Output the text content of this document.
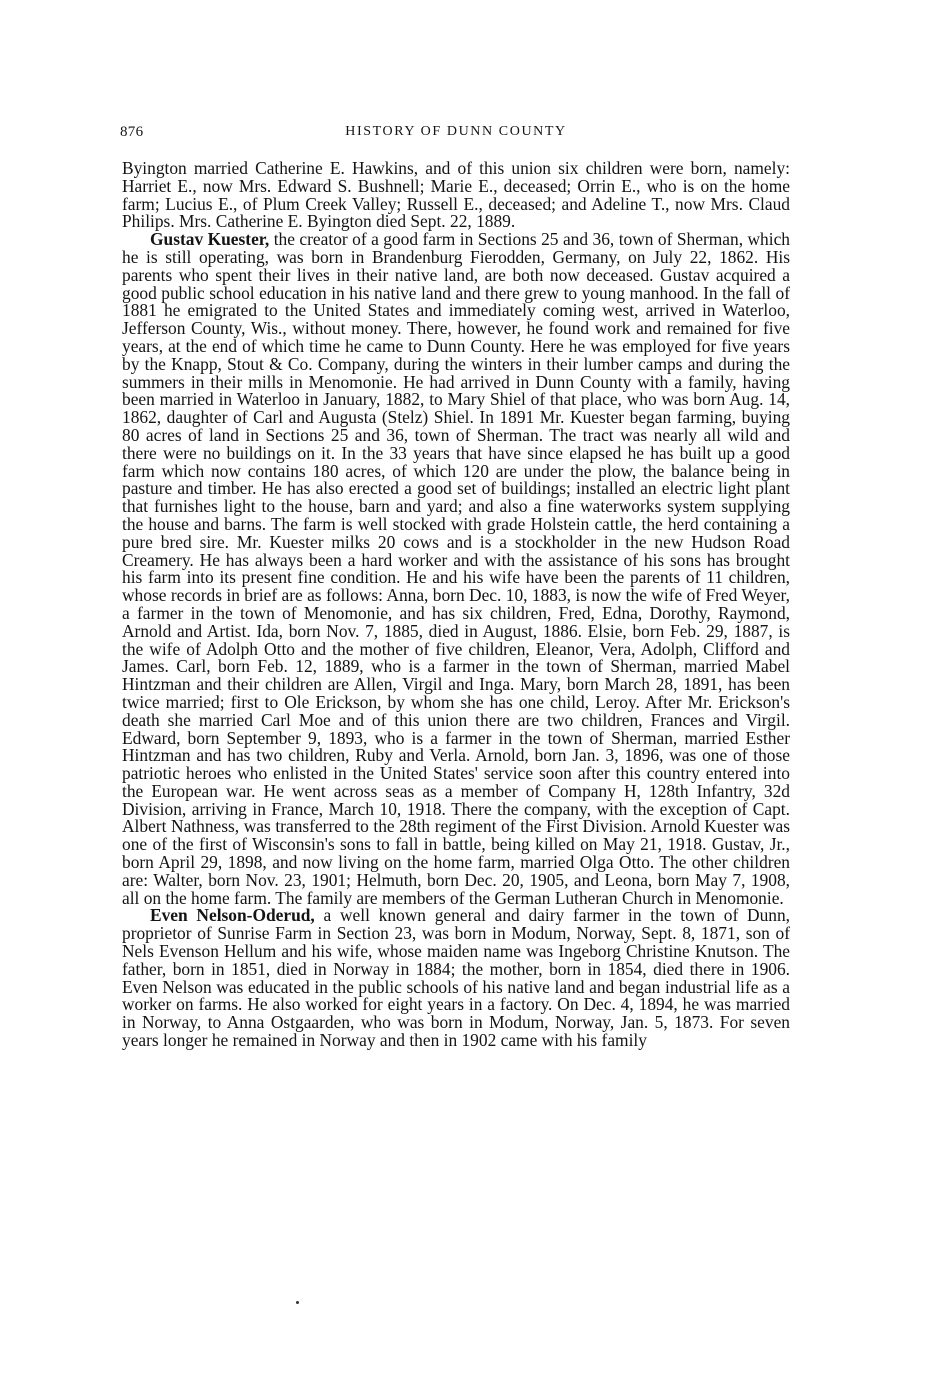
876	HISTORY OF DUNN COUNTY

Byington married Catherine E. Hawkins, and of this union six children were born, namely: Harriet E., now Mrs. Edward S. Bushnell; Marie E., deceased; Orrin E., who is on the home farm; Lucius E., of Plum Creek Valley; Russell E., deceased; and Adeline T., now Mrs. Claud Philips. Mrs. Catherine E. Byington died Sept. 22, 1889.

Gustav Kuester, the creator of a good farm in Sections 25 and 36, town of Sherman, which he is still operating, was born in Brandenburg Fierodden, Germany, on July 22, 1862. His parents who spent their lives in their native land, are both now deceased. Gustav acquired a good public school education in his native land and there grew to young manhood. In the fall of 1881 he emigrated to the United States and immediately coming west, arrived in Waterloo, Jefferson County, Wis., without money. There, however, he found work and remained for five years, at the end of which time he came to Dunn County. Here he was employed for five years by the Knapp, Stout & Co. Company, during the winters in their lumber camps and during the summers in their mills in Menomonie. He had arrived in Dunn County with a family, having been married in Waterloo in January, 1882, to Mary Shiel of that place, who was born Aug. 14, 1862, daughter of Carl and Augusta (Stelz) Shiel. In 1891 Mr. Kuester began farming, buying 80 acres of land in Sections 25 and 36, town of Sherman. The tract was nearly all wild and there were no buildings on it. In the 33 years that have since elapsed he has built up a good farm which now contains 180 acres, of which 120 are under the plow, the balance being in pasture and timber. He has also erected a good set of buildings; installed an electric light plant that furnishes light to the house, barn and yard; and also a fine waterworks system supplying the house and barns. The farm is well stocked with grade Holstein cattle, the herd containing a pure bred sire. Mr. Kuester milks 20 cows and is a stockholder in the new Hudson Road Creamery. He has always been a hard worker and with the assistance of his sons has brought his farm into its present fine condition. He and his wife have been the parents of 11 children, whose records in brief are as follows: Anna, born Dec. 10, 1883, is now the wife of Fred Weyer, a farmer in the town of Menomonie, and has six children, Fred, Edna, Dorothy, Raymond, Arnold and Artist. Ida, born Nov. 7, 1885, died in August, 1886. Elsie, born Feb. 29, 1887, is the wife of Adolph Otto and the mother of five children, Eleanor, Vera, Adolph, Clifford and James. Carl, born Feb. 12, 1889, who is a farmer in the town of Sherman, married Mabel Hintzman and their children are Allen, Virgil and Inga. Mary, born March 28, 1891, has been twice married; first to Ole Erickson, by whom she has one child, Leroy. After Mr. Erickson's death she married Carl Moe and of this union there are two children, Frances and Virgil. Edward, born September 9, 1893, who is a farmer in the town of Sherman, married Esther Hintzman and has two children, Ruby and Verla. Arnold, born Jan. 3, 1896, was one of those patriotic heroes who enlisted in the United States' service soon after this country entered into the European war. He went across seas as a member of Company H, 128th Infantry, 32d Division, arriving in France, March 10, 1918. There the company, with the exception of Capt. Albert Nathness, was transferred to the 28th regiment of the First Division. Arnold Kuester was one of the first of Wisconsin's sons to fall in battle, being killed on May 21, 1918. Gustav, Jr., born April 29, 1898, and now living on the home farm, married Olga Otto. The other children are: Walter, born Nov. 23, 1901; Helmuth, born Dec. 20, 1905, and Leona, born May 7, 1908, all on the home farm. The family are members of the German Lutheran Church in Menomonie.

Even Nelson-Oderud, a well known general and dairy farmer in the town of Dunn, proprietor of Sunrise Farm in Section 23, was born in Modum, Norway, Sept. 8, 1871, son of Nels Evenson Hellum and his wife, whose maiden name was Ingeborg Christine Knutson. The father, born in 1851, died in Norway in 1884; the mother, born in 1854, died there in 1906. Even Nelson was educated in the public schools of his native land and began industrial life as a worker on farms. He also worked for eight years in a factory. On Dec. 4, 1894, he was married in Norway, to Anna Ostgaarden, who was born in Modum, Norway, Jan. 5, 1873. For seven years longer he remained in Norway and then in 1902 came with his family
